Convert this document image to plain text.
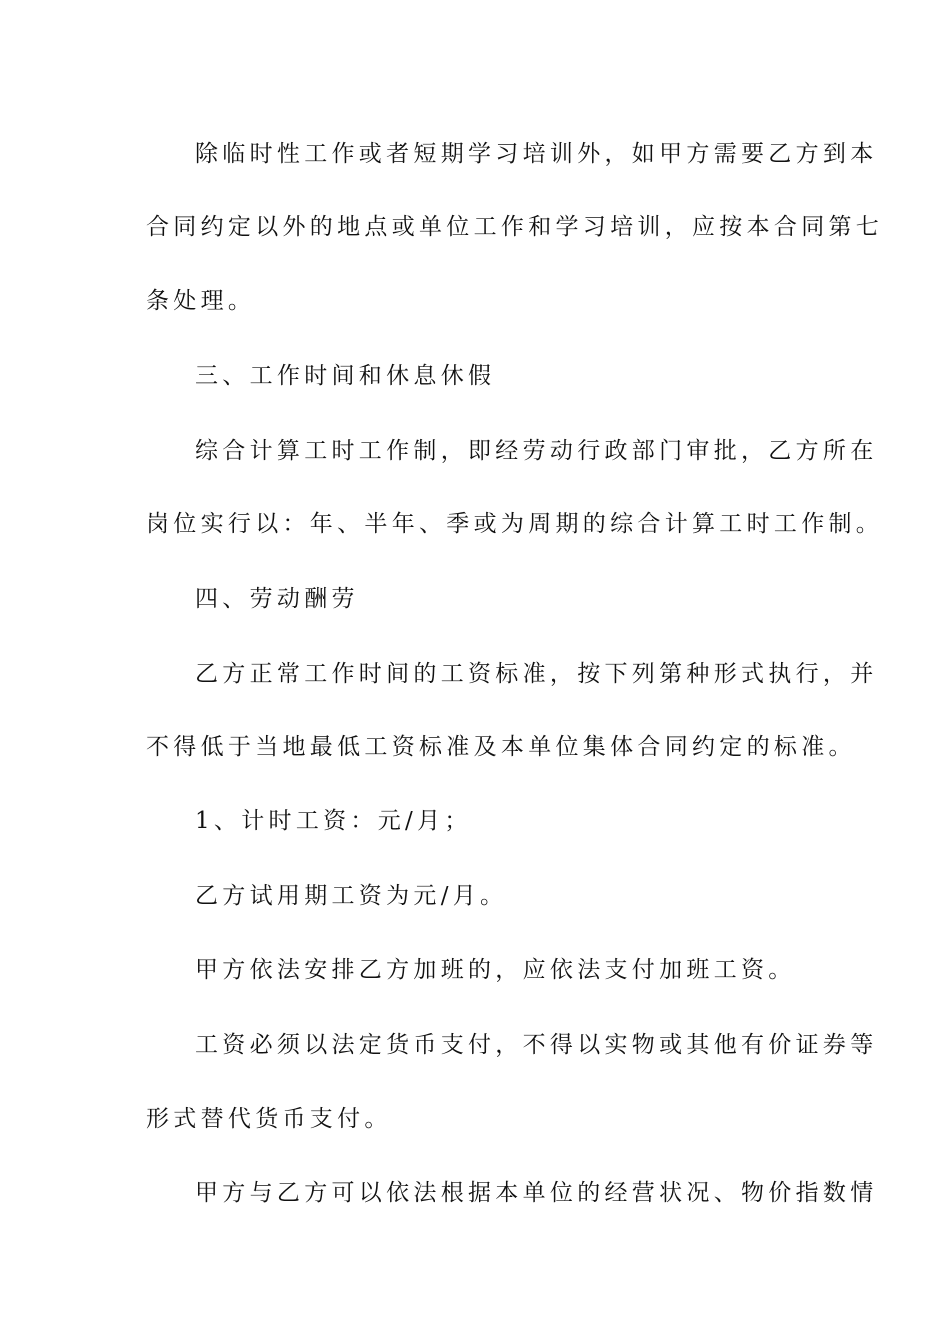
除临时性工作或者短期学习培训外，如甲方需要乙方到本
合同约定以外的地点或单位工作和学习培训，应按本合同第七
条处理。
三、工作时间和休息休假
综合计算工时工作制，即经劳动行政部门审批，乙方所在
岗位实行以：年、半年、季或为周期的综合计算工时工作制。
四、劳动酬劳
乙方正常工作时间的工资标准，按下列第种形式执行，并
不得低于当地最低工资标准及本单位集体合同约定的标准。
1、计时工资：元/月；
乙方试用期工资为元/月。
甲方依法安排乙方加班的，应依法支付加班工资。
工资必须以法定货币支付，不得以实物或其他有价证券等
形式替代货币支付。
甲方与乙方可以依法根据本单位的经营状况、物价指数情
